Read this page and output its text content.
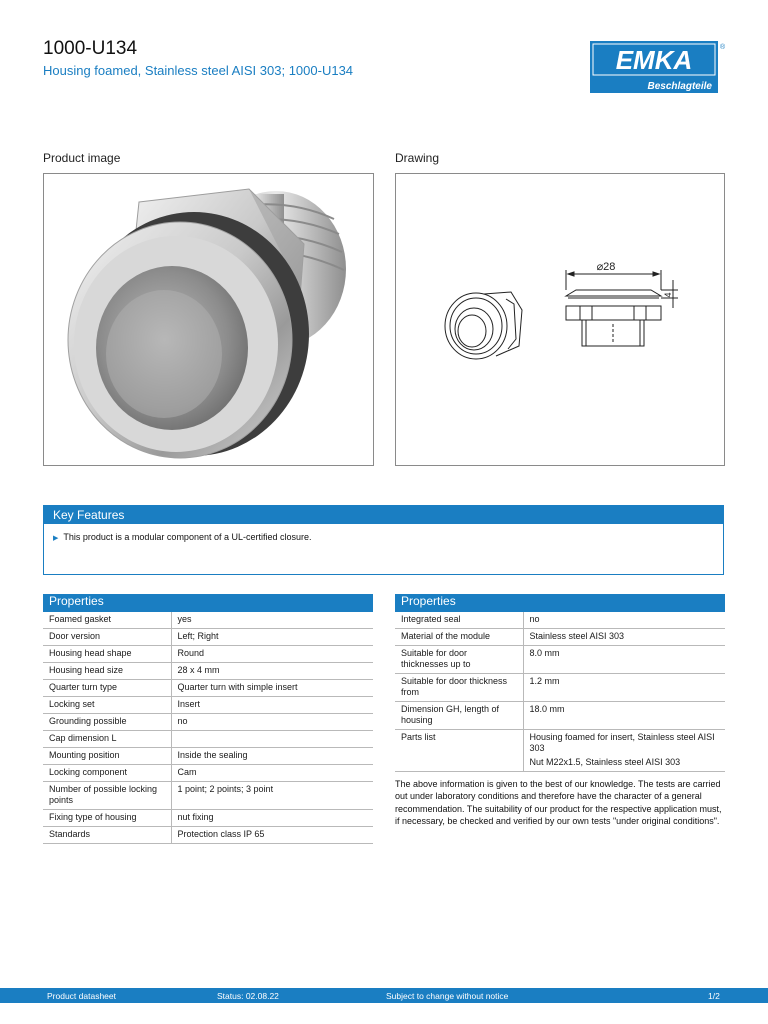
1000-U134
Housing foamed, Stainless steel AISI 303; 1000-U134	EMKA
Beschlagteile
®
Product image	Drawing
⌀28
4
Key Features
▶ This product is a modular component of a UL-certified closure.
Properties	
Foamed gasket	yes
Door version	Left; Right
Housing head shape	Round
Housing head size	28 x 4 mm
Quarter turn type	Quarter turn with simple insert
Locking set	Insert
Grounding possible	no
Cap dimension L	
Mounting position	Inside the sealing
Locking component	Cam
Number of possible locking points	1 point; 2 points; 3 point
Fixing type of housing	nut fixing
Standards	Protection class IP 65
Properties	
Integrated seal	no
Material of the module	Stainless steel AISI 303
Suitable for door thicknesses up to	8.0 mm
Suitable for door thickness from	1.2 mm
Dimension GH, length of housing	18.0 mm
Parts list	Housing foamed for insert, Stainless steel AISI 303
Nut M22x1.5, Stainless steel AISI 303
The above information is given to the best of our knowledge. The tests are carried out under laboratory conditions and therefore have the character of a general recommendation. The suitability of our product for the respective application must, if necessary, be checked and verified by our own tests "under original conditions".
Product datasheet	Status: 02.08.22	Subject to change without notice	1/2
